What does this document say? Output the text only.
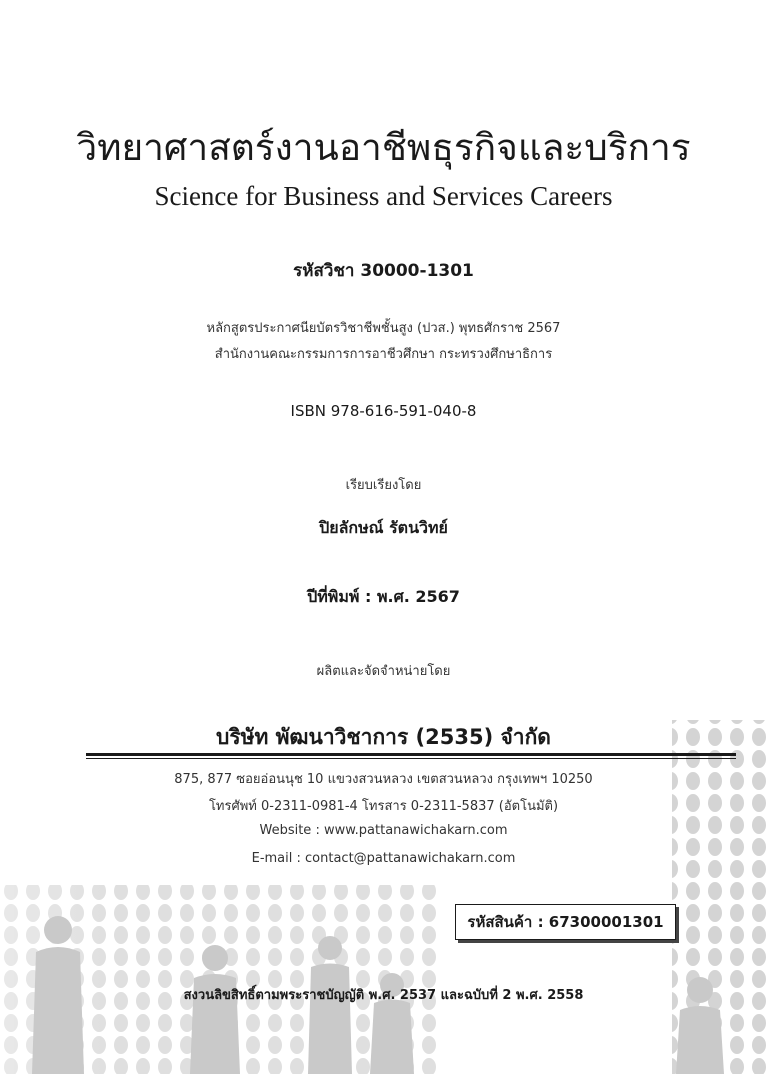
วิทยาศาสตร์งานอาชีพธุรกิจและบริการ
Science for Business and Services Careers
รหัสวิชา 30000-1301
หลักสูตรประกาศนียบัตรวิชาชีพชั้นสูง (ปวส.) พุทธศักราช 2567
สำนักงานคณะกรรมการการอาชีวศึกษา กระทรวงศึกษาธิการ
ISBN 978-616-591-040-8
เรียบเรียงโดย
ปิยลักษณ์ รัตนวิทย์
ปีที่พิมพ์ : พ.ศ. 2567
ผลิตและจัดจำหน่ายโดย
บริษัท พัฒนาวิชาการ (2535) จำกัด
875, 877 ซอยอ่อนนุช 10 แขวงสวนหลวง เขตสวนหลวง กรุงเทพฯ 10250
โทรศัพท์ 0-2311-0981-4 โทรสาร 0-2311-5837 (อัตโนมัติ)
Website : www.pattanawichakarn.com
E-mail : contact@pattanawichakarn.com
รหัสสินค้า : 67300001301
สงวนลิขสิทธิ์ตามพระราชบัญญัติ พ.ศ. 2537 และฉบับที่ 2 พ.ศ. 2558
